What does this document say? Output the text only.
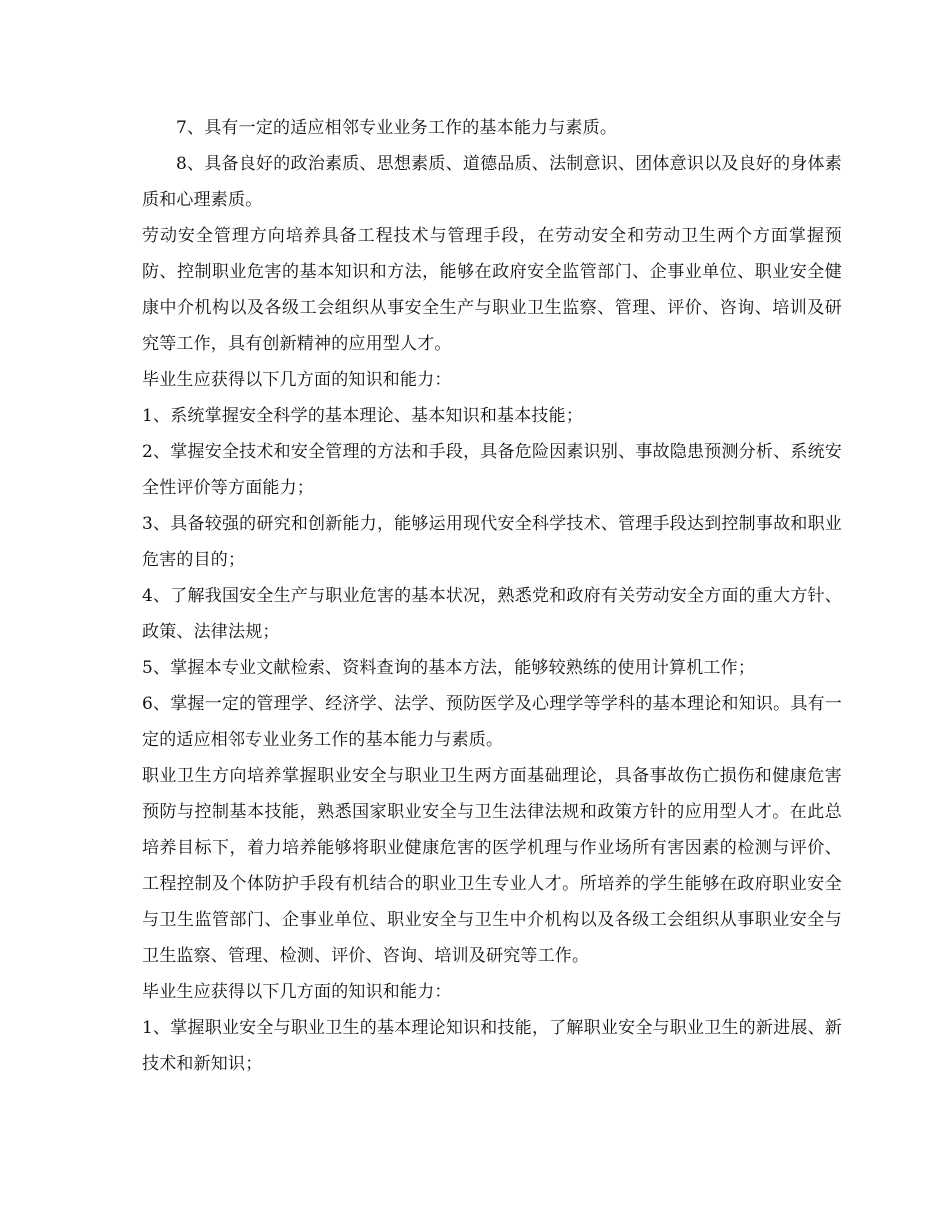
7、具有一定的适应相邻专业业务工作的基本能力与素质。

8、具备良好的政治素质、思想素质、道德品质、法制意识、团体意识以及良好的身体素质和心理素质。

劳动安全管理方向培养具备工程技术与管理手段，在劳动安全和劳动卫生两个方面掌握预防、控制职业危害的基本知识和方法，能够在政府安全监管部门、企事业单位、职业安全健康中介机构以及各级工会组织从事安全生产与职业卫生监察、管理、评价、咨询、培训及研究等工作，具有创新精神的应用型人才。

毕业生应获得以下几方面的知识和能力：

1、系统掌握安全科学的基本理论、基本知识和基本技能；

2、掌握安全技术和安全管理的方法和手段，具备危险因素识别、事故隐患预测分析、系统安全性评价等方面能力；

3、具备较强的研究和创新能力，能够运用现代安全科学技术、管理手段达到控制事故和职业危害的目的；

4、了解我国安全生产与职业危害的基本状况，熟悉党和政府有关劳动安全方面的重大方针、政策、法律法规；

5、掌握本专业文献检索、资料查询的基本方法，能够较熟练的使用计算机工作；

6、掌握一定的管理学、经济学、法学、预防医学及心理学等学科的基本理论和知识。具有一定的适应相邻专业业务工作的基本能力与素质。

职业卫生方向培养掌握职业安全与职业卫生两方面基础理论，具备事故伤亡损伤和健康危害预防与控制基本技能，熟悉国家职业安全与卫生法律法规和政策方针的应用型人才。在此总培养目标下，着力培养能够将职业健康危害的医学机理与作业场所有害因素的检测与评价、工程控制及个体防护手段有机结合的职业卫生专业人才。所培养的学生能够在政府职业安全与卫生监管部门、企事业单位、职业安全与卫生中介机构以及各级工会组织从事职业安全与卫生监察、管理、检测、评价、咨询、培训及研究等工作。

毕业生应获得以下几方面的知识和能力：

1、掌握职业安全与职业卫生的基本理论知识和技能，了解职业安全与职业卫生的新进展、新技术和新知识；
